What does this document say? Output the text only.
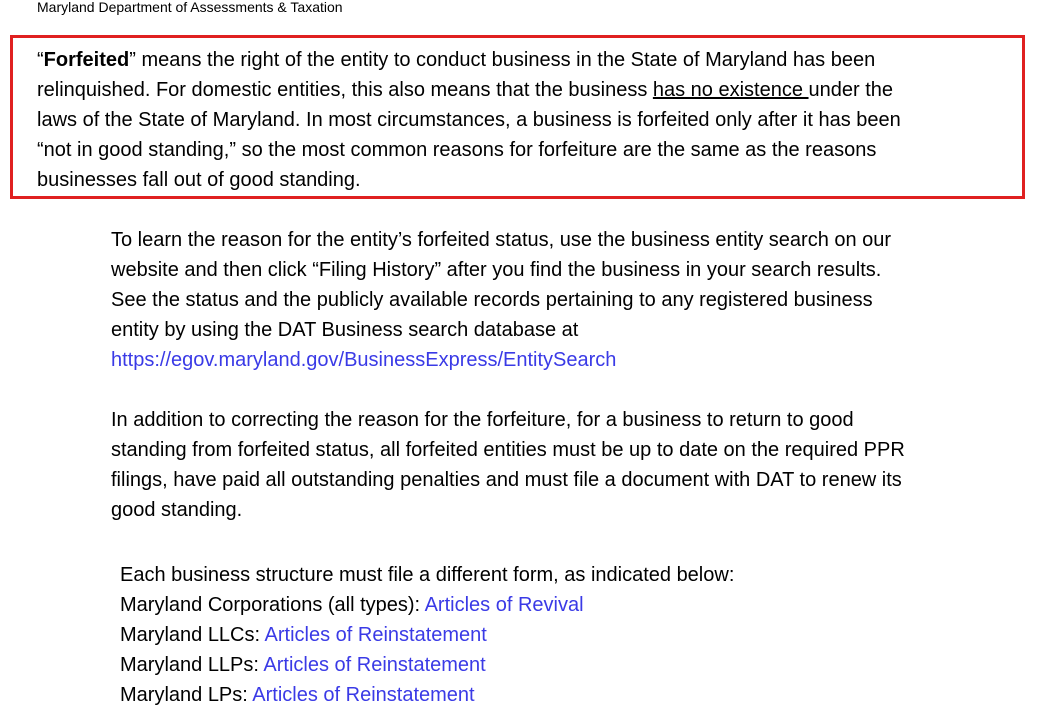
Maryland Department of Assessments & Taxation
“Forfeited” means the right of the entity to conduct business in the State of Maryland has been
relinquished. For domestic entities, this also means that the business has no existence under the
laws of the State of Maryland. In most circumstances, a business is forfeited only after it has been
“not in good standing,” so the most common reasons for forfeiture are the same as the reasons
businesses fall out of good standing.
To learn the reason for the entity’s forfeited status, use the business entity search on our
website and then click “Filing History” after you find the business in your search results.
See the status and the publicly available records pertaining to any registered business
entity by using the DAT Business search database at
https://egov.maryland.gov/BusinessExpress/EntitySearch
In addition to correcting the reason for the forfeiture, for a business to return to good
standing from forfeited status, all forfeited entities must be up to date on the required PPR
filings, have paid all outstanding penalties and must file a document with DAT to renew its
good standing.
Each business structure must file a different form, as indicated below:
Maryland Corporations (all types): Articles of Revival
Maryland LLCs: Articles of Reinstatement
Maryland LLPs: Articles of Reinstatement
Maryland LPs: Articles of Reinstatement
